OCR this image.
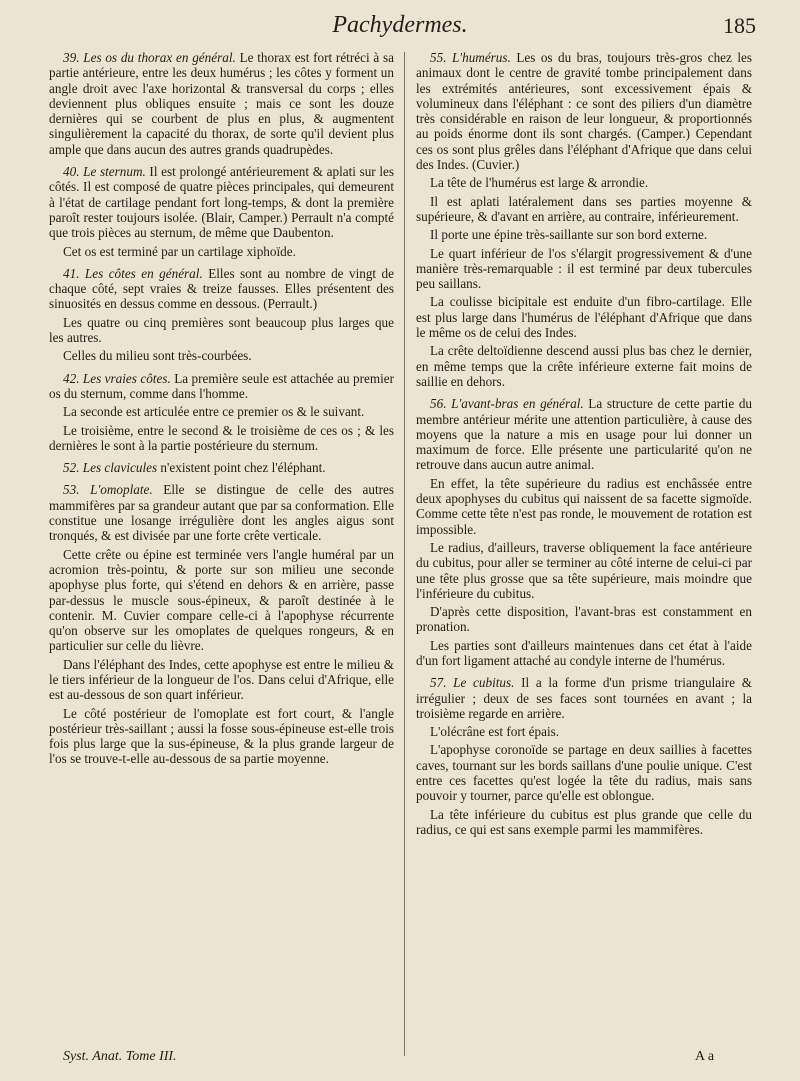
Pachydermes.	185

39. Les os du thorax en général. Le thorax est fort rétréci à sa partie antérieure, entre les deux humérus ; les côtes y forment un angle droit avec l'axe horizontal & transversal du corps ; elles deviennent plus obliques ensuite ; mais ce sont les douze dernières qui se courbent de plus en plus, & augmentent singulièrement la capacité du thorax, de sorte qu'il devient plus ample que dans aucun des autres grands quadrupèdes.

40. Le sternum. Il est prolongé antérieurement & aplati sur les côtés. Il est composé de quatre pièces principales, qui demeurent à l'état de cartilage pendant fort long-temps, & dont la première paroît rester toujours isolée. (Blair, Camper.) Perrault n'a compté que trois pièces au sternum, de même que Daubenton.

Cet os est terminé par un cartilage xiphoïde.

41. Les côtes en général. Elles sont au nombre de vingt de chaque côté, sept vraies & treize fausses. Elles présentent des sinuosités en dessus comme en dessous. (Perrault.)

Les quatre ou cinq premières sont beaucoup plus larges que les autres.

Celles du milieu sont très-courbées.

42. Les vraies côtes. La première seule est attachée au premier os du sternum, comme dans l'homme.

La seconde est articulée entre ce premier os & le suivant.

Le troisième, entre le second & le troisième de ces os ; & les dernières le sont à la partie postérieure du sternum.

52. Les clavicules n'existent point chez l'éléphant.

53. L'omoplate. Elle se distingue de celle des autres mammifères par sa grandeur autant que par sa conformation. Elle constitue une losange irrégulière dont les angles aigus sont tronqués, & est divisée par une forte crête verticale.

Cette crête ou épine est terminée vers l'angle huméral par un acromion très-pointu, & porte sur son milieu une seconde apophyse plus forte, qui s'étend en dehors & en arrière, passe par-dessus le muscle sous-épineux, & paroît destinée à le contenir. M. Cuvier compare celle-ci à l'apophyse récurrente qu'on observe sur les omoplates de quelques rongeurs, & en particulier sur celle du lièvre.

Dans l'éléphant des Indes, cette apophyse est entre le milieu & le tiers inférieur de la longueur de l'os. Dans celui d'Afrique, elle est au-dessous de son quart inférieur.

Le côté postérieur de l'omoplate est fort court, & l'angle postérieur très-saillant ; aussi la fosse sous-épineuse est-elle trois fois plus large que la sus-épineuse, & la plus grande largeur de l'os se trouve-t-elle au-dessous de sa partie moyenne.

55. L'humérus. Les os du bras, toujours très-gros chez les animaux dont le centre de gravité tombe principalement dans les extrémités antérieures, sont excessivement épais & volumineux dans l'éléphant : ce sont des piliers d'un diamètre très considérable en raison de leur longueur, & proportionnés au poids énorme dont ils sont chargés. (Camper.) Cependant ces os sont plus grêles dans l'éléphant d'Afrique que dans celui des Indes. (Cuvier.)

La tête de l'humérus est large & arrondie.

Il est aplati latéralement dans ses parties moyenne & supérieure, & d'avant en arrière, au contraire, inférieurement.

Il porte une épine très-saillante sur son bord externe.

Le quart inférieur de l'os s'élargit progressivement & d'une manière très-remarquable : il est terminé par deux tubercules peu saillans.

La coulisse bicipitale est enduite d'un fibro-cartilage. Elle est plus large dans l'humérus de l'éléphant d'Afrique que dans le même os de celui des Indes.

La crête deltoïdienne descend aussi plus bas chez le dernier, en même temps que la crête inférieure externe fait moins de saillie en dehors.

56. L'avant-bras en général. La structure de cette partie du membre antérieur mérite une attention particulière, à cause des moyens que la nature a mis en usage pour lui donner un maximum de force. Elle présente une particularité qu'on ne retrouve dans aucun autre animal.

En effet, la tête supérieure du radius est enchâssée entre deux apophyses du cubitus qui naissent de sa facette sigmoïde. Comme cette tête n'est pas ronde, le mouvement de rotation est impossible.

Le radius, d'ailleurs, traverse obliquement la face antérieure du cubitus, pour aller se terminer au côté interne de celui-ci par une tête plus grosse que sa tête supérieure, mais moindre que l'inférieure du cubitus.

D'après cette disposition, l'avant-bras est constamment en pronation.

Les parties sont d'ailleurs maintenues dans cet état à l'aide d'un fort ligament attaché au condyle interne de l'humérus.

57. Le cubitus. Il a la forme d'un prisme triangulaire & irrégulier ; deux de ses faces sont tournées en avant ; la troisième regarde en arrière.

L'olécrâne est fort épais.

L'apophyse coronoïde se partage en deux saillies à facettes caves, tournant sur les bords saillans d'une poulie unique. C'est entre ces facettes qu'est logée la tête du radius, mais sans pouvoir y tourner, parce qu'elle est oblongue.

La tête inférieure du cubitus est plus grande que celle du radius, ce qui est sans exemple parmi les mammifères.

Syst. Anat. Tome III.	A a
